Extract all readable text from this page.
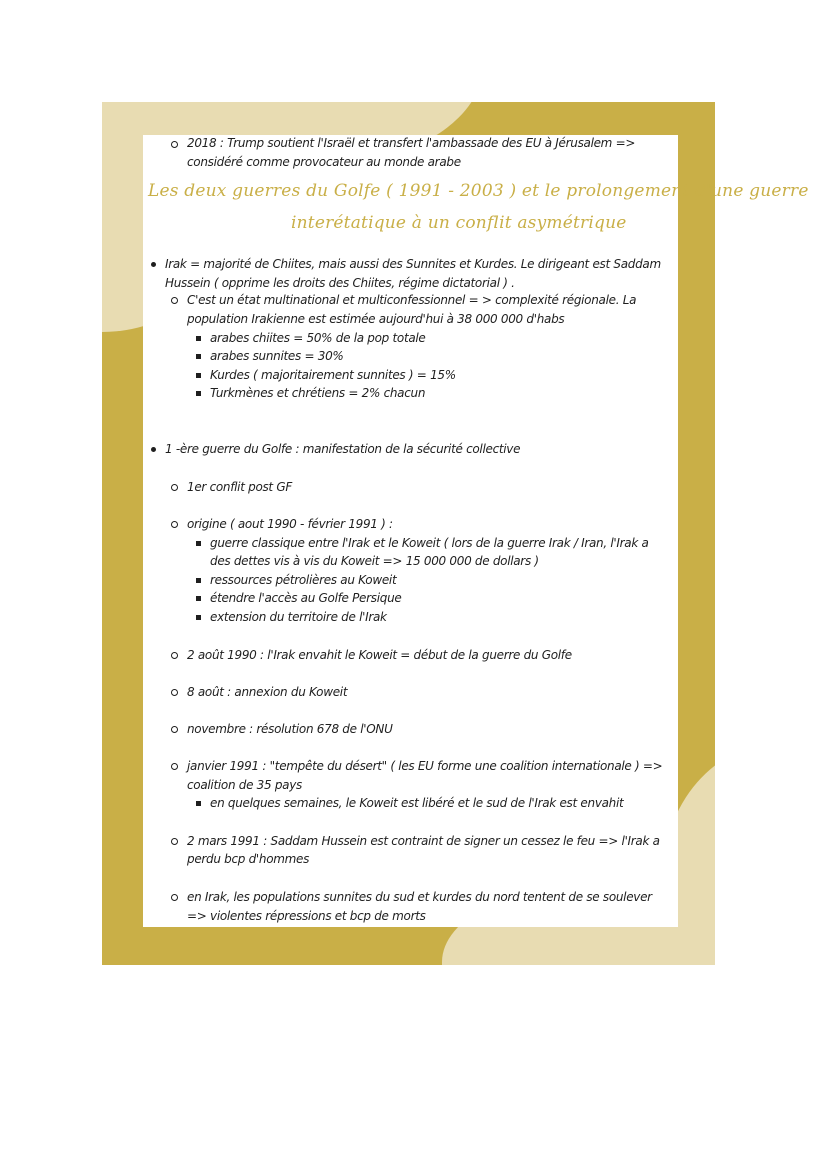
2018 : Trump soutient l'Israël et transfert l'ambassade des EU à Jérusalem =>

considéré comme provocateur au monde arabe

Les deux guerres du Golfe ( 1991 - 2003 ) et le prolongement d'une guerre
interétatique à un conflit asymétrique

Irak = majorité de Chiites, mais aussi des Sunnites et Kurdes. Le dirigeant est Saddam

Hussein ( opprime les droits des Chiites, régime dictatorial ) .

C'est un état multinational et multiconfessionnel = > complexité régionale. La

population Irakienne est estimée aujourd'hui à 38 000 000 d'habs

arabes chiites = 50% de la pop totale

arabes sunnites = 30%

Kurdes ( majoritairement sunnites ) = 15%

Turkmènes et chrétiens = 2% chacun

1 -ère guerre du Golfe : manifestation de la sécurité collective

1er conflit post GF

origine ( aout 1990 - février 1991 ) :

guerre classique entre l'Irak et le Koweit ( lors de la guerre Irak / Iran, l'Irak a

des dettes vis à vis du Koweit => 15 000 000 de dollars )

ressources pétrolières au Koweit

étendre l'accès au Golfe Persique

extension du territoire de l'Irak

2 août 1990 : l'Irak envahit le Koweit = début de la guerre du Golfe

8 août : annexion du Koweit

novembre : résolution 678 de l'ONU

janvier 1991 : "tempête du désert" ( les EU forme une coalition internationale ) =>

coalition de 35 pays

en quelques semaines, le Koweit est libéré et le sud de l'Irak est envahit

2 mars 1991 : Saddam Hussein est contraint de signer un cessez le feu => l'Irak a

perdu bcp d'hommes

en Irak, les populations sunnites du sud et kurdes du nord tentent de se soulever

=> violentes répressions et bcp de morts
